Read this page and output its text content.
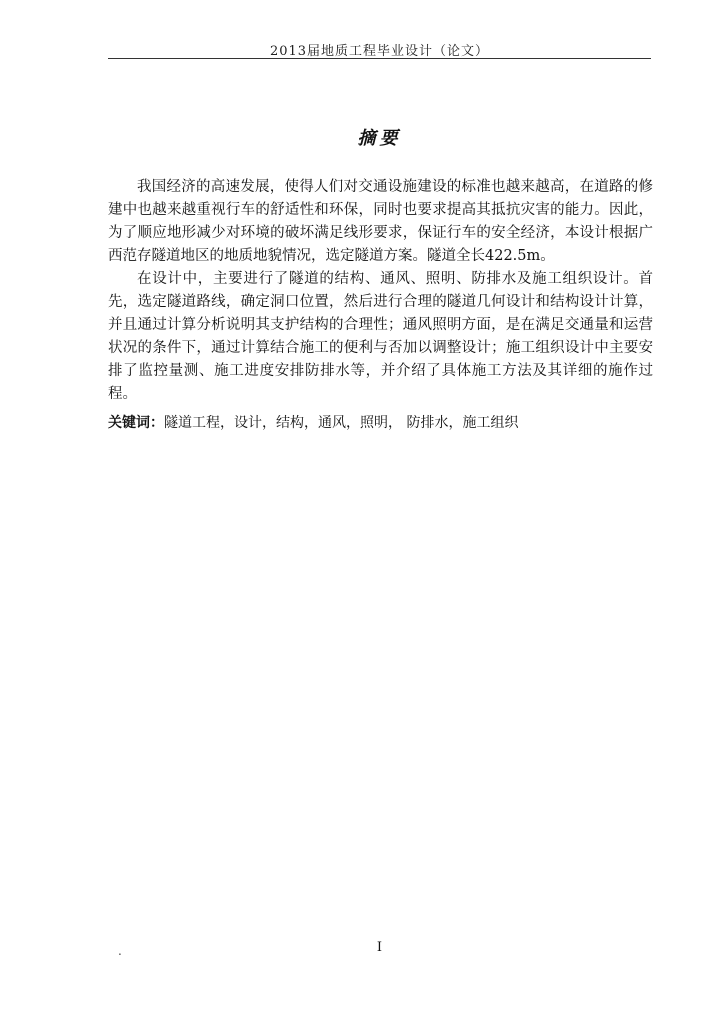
2013届地质工程毕业设计（论文）
摘要

我国经济的高速发展，使得人们对交通设施建设的标准也越来越高，在道路的修建中也越来越重视行车的舒适性和环保，同时也要求提高其抵抗灾害的能力。因此，为了顺应地形减少对环境的破坏满足线形要求，保证行车的安全经济，本设计根据广西范存隧道地区的地质地貌情况，选定隧道方案。隧道全长422.5m。

在设计中，主要进行了隧道的结构、通风、照明、防排水及施工组织设计。首先，选定隧道路线，确定洞口位置，然后进行合理的隧道几何设计和结构设计计算，并且通过计算分析说明其支护结构的合理性；通风照明方面，是在满足交通量和运营状况的条件下，通过计算结合施工的便利与否加以调整设计；施工组织设计中主要安排了监控量测、施工进度安排防排水等，并介绍了具体施工方法及其详细的施作过程。

关键词：隧道工程，设计，结构，通风，照明， 防排水，施工组织
.	I
